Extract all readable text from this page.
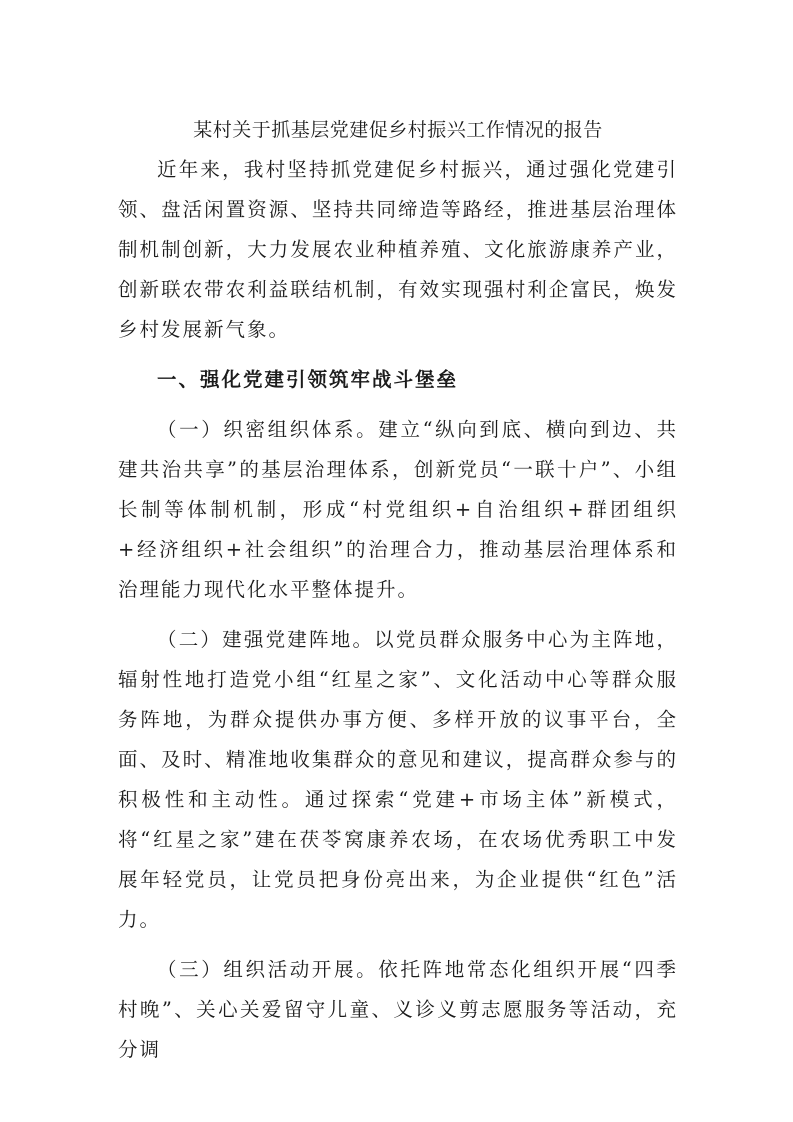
某村关于抓基层党建促乡村振兴工作情况的报告

近年来，我村坚持抓党建促乡村振兴，通过强化党建引领、盘活闲置资源、坚持共同缔造等路经，推进基层治理体制机制创新，大力发展农业种植养殖、文化旅游康养产业，创新联农带农利益联结机制，有效实现强村利企富民，焕发乡村发展新气象。

一、强化党建引领筑牢战斗堡垒

（一）织密组织体系。建立“纵向到底、横向到边、共建共治共享”的基层治理体系，创新党员“一联十户”、小组长制等体制机制，形成“村党组织+自治组织+群团组织+经济组织+社会组织”的治理合力，推动基层治理体系和治理能力现代化水平整体提升。

（二）建强党建阵地。以党员群众服务中心为主阵地，辐射性地打造党小组“红星之家”、文化活动中心等群众服务阵地，为群众提供办事方便、多样开放的议事平台，全面、及时、精准地收集群众的意见和建议，提高群众参与的积极性和主动性。通过探索“党建+市场主体”新模式，将“红星之家”建在茯苓窝康养农场，在农场优秀职工中发展年轻党员，让党员把身份亮出来，为企业提供“红色”活力。

（三）组织活动开展。依托阵地常态化组织开展“四季村晚”、关心关爱留守儿童、义诊义剪志愿服务等活动，充分调
